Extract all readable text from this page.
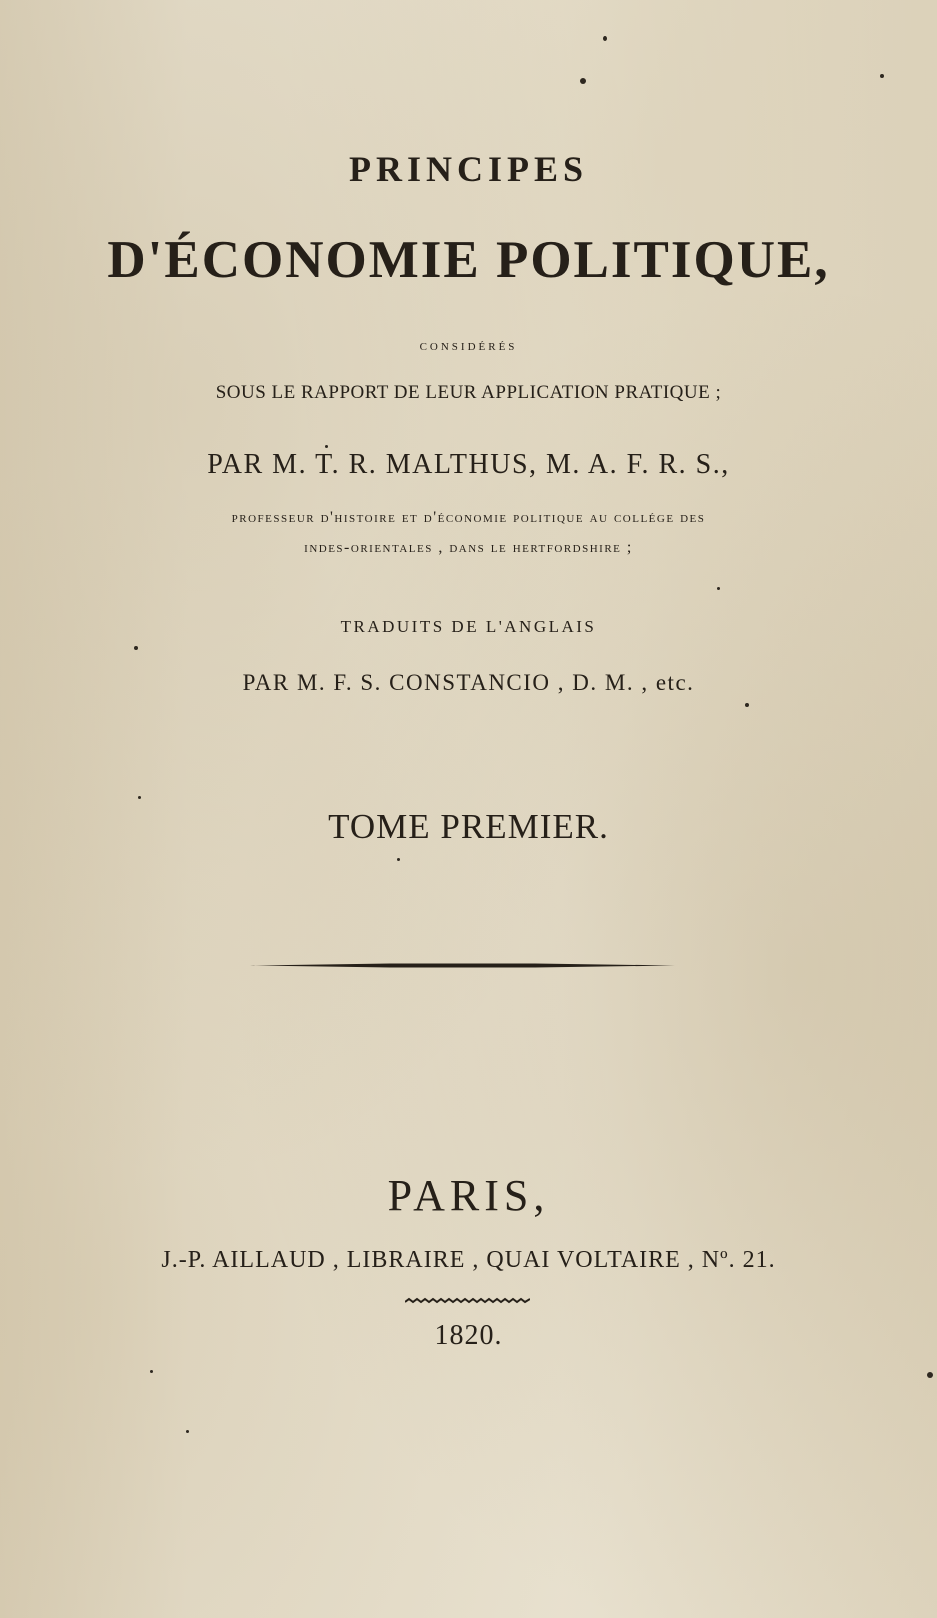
PRINCIPES
D'ÉCONOMIE POLITIQUE,
considérés
SOUS LE RAPPORT DE LEUR APPLICATION PRATIQUE ;
PAR M. T. R. MALTHUS, M. A. F. R. S.,
professeur d'histoire et d'économie politique au collége des
indes-orientales , dans le hertfordshire ;
TRADUITS DE L'ANGLAIS
PAR M. F. S. CONSTANCIO , D. M. , etc.
TOME PREMIER.
PARIS,
J.-P. AILLAUD , LIBRAIRE , QUAI VOLTAIRE , Nº. 21.
1820.
